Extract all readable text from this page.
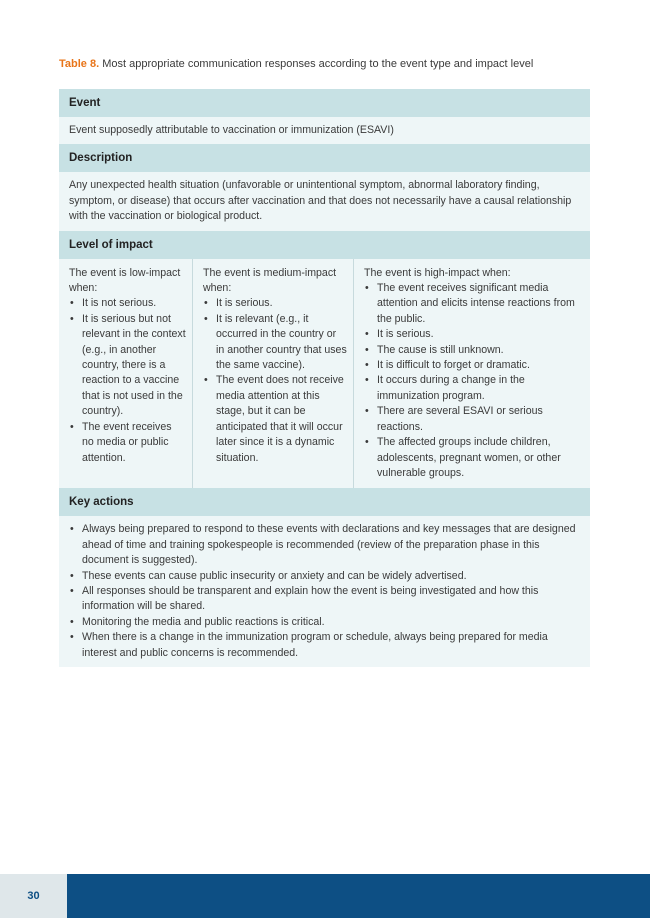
Table 8. Most appropriate communication responses according to the event type and impact level
Event
Event supposedly attributable to vaccination or immunization (ESAVI)
Description
Any unexpected health situation (unfavorable or unintentional symptom, abnormal laboratory finding, symptom, or disease) that occurs after vaccination and that does not necessarily have a causal relationship with the vaccination or biological product.
Level of impact
The event is low-impact when:
• It is not serious.
• It is serious but not relevant in the context (e.g., in another country, there is a reaction to a vaccine that is not used in the country).
• The event receives no media or public attention.
The event is medium-impact when:
• It is serious.
• It is relevant (e.g., it occurred in the country or in another country that uses the same vaccine).
• The event does not receive media attention at this stage, but it can be anticipated that it will occur later since it is a dynamic situation.
The event is high-impact when:
• The event receives significant media attention and elicits intense reactions from the public.
• It is serious.
• The cause is still unknown.
• It is difficult to forget or dramatic.
• It occurs during a change in the immunization program.
• There are several ESAVI or serious reactions.
• The affected groups include children, adolescents, pregnant women, or other vulnerable groups.
Key actions
• Always being prepared to respond to these events with declarations and key messages that are designed ahead of time and training spokespeople is recommended (review of the preparation phase in this document is suggested).
• These events can cause public insecurity or anxiety and can be widely advertised.
• All responses should be transparent and explain how the event is being investigated and how this information will be shared.
• Monitoring the media and public reactions is critical.
• When there is a change in the immunization program or schedule, always being prepared for media interest and public concerns is recommended.
30
